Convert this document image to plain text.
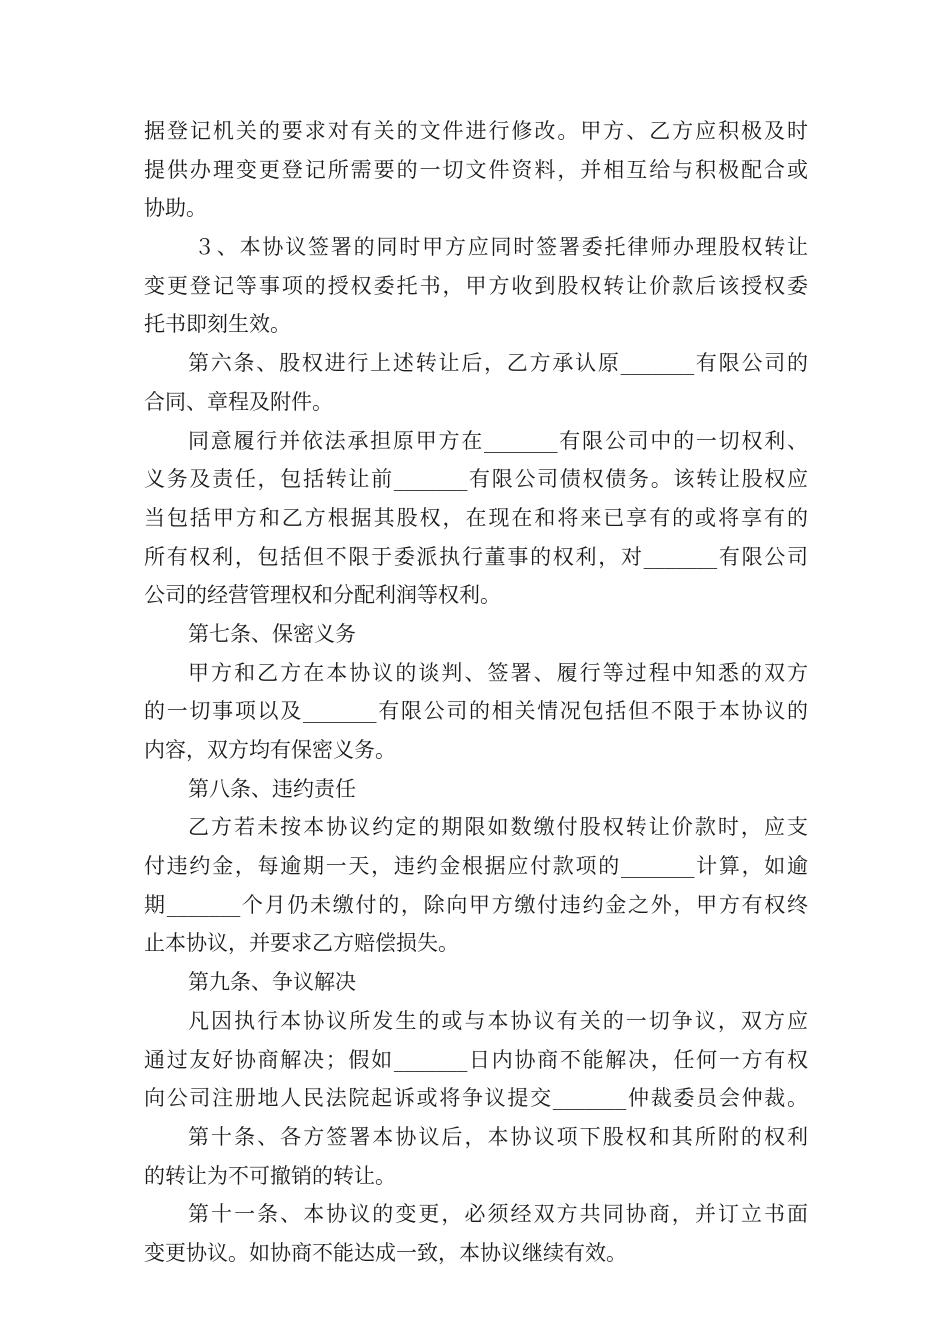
据登记机关的要求对有关的文件进行修改。甲方、乙方应积极及时
提供办理变更登记所需要的一切文件资料，并相互给与积极配合或
协助。
３、本协议签署的同时甲方应同时签署委托律师办理股权转让
变更登记等事项的授权委托书，甲方收到股权转让价款后该授权委
托书即刻生效。
第六条、股权进行上述转让后，乙方承认原_______有限公司的
合同、章程及附件。
同意履行并依法承担原甲方在_______有限公司中的一切权利、
义务及责任，包括转让前_______有限公司债权债务。该转让股权应
当包括甲方和乙方根据其股权，在现在和将来已享有的或将享有的
所有权利，包括但不限于委派执行董事的权利，对_______有限公司
公司的经营管理权和分配利润等权利。
第七条、保密义务
甲方和乙方在本协议的谈判、签署、履行等过程中知悉的双方
的一切事项以及_______有限公司的相关情况包括但不限于本协议的
内容，双方均有保密义务。
第八条、违约责任
乙方若未按本协议约定的期限如数缴付股权转让价款时，应支
付违约金，每逾期一天，违约金根据应付款项的_______计算，如逾
期_______个月仍未缴付的，除向甲方缴付违约金之外，甲方有权终
止本协议，并要求乙方赔偿损失。
第九条、争议解决
凡因执行本协议所发生的或与本协议有关的一切争议，双方应
通过友好协商解决；假如_______日内协商不能解决，任何一方有权
向公司注册地人民法院起诉或将争议提交_______仲裁委员会仲裁。
第十条、各方签署本协议后，本协议项下股权和其所附的权利
的转让为不可撤销的转让。
第十一条、本协议的变更，必须经双方共同协商，并订立书面
变更协议。如协商不能达成一致，本协议继续有效。
